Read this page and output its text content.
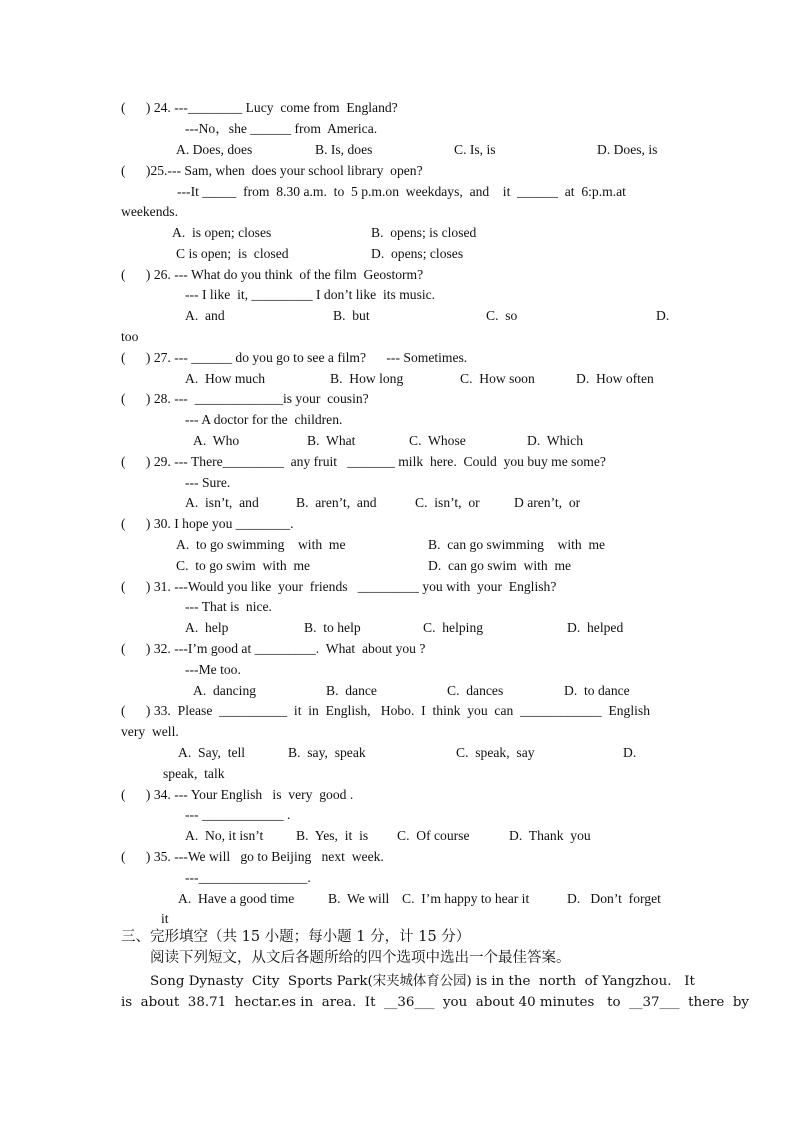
(      ) 24. ---________ Lucy  come from  England?
---No，she ______ from  America.
A. Does, does	B. Is, does	C. Is, is	D. Does, is
(      )25.--- Sam, when  does your school library  open?
---It _____  from  8.30 a.m.  to  5 p.m.on  weekdays,  and    it  ______  at  6:p.m.at
weekends.
A.  is open; closes	B.  opens; is closed
C is open;  is  closed	D.  opens; closes
(      ) 26. --- What do you think  of the film  Geostorm?
--- I like  it, _________ I don’t like  its music.
A.  and	B.  but	C.  so	D.
too
(      ) 27. --- ______ do you go to see a film?      --- Sometimes.
A.  How much	B.  How long	C.  How soon	D.  How often
(      ) 28. ---  _____________is your  cousin?
--- A doctor for the  children.
A.  Who	B.  What	C.  Whose	D.  Which
(      ) 29. --- There_________  any fruit   _______ milk  here.  Could  you buy me some?
--- Sure.
A.  isn’t,  and	B.  aren’t,  and	C.  isn’t,  or	D aren’t,  or
(      ) 30. I hope you ________.
A.  to go swimming    with  me	B.  can go swimming    with  me
C.  to go swim  with  me	D.  can go swim  with  me
(      ) 31. ---Would you like  your  friends   _________ you with  your  English?
--- That is  nice.
A.  help	B.  to help	C.  helping	D.  helped
(      ) 32. ---I’m good at _________.  What  about you ?
---Me too.
A.  dancing	B.  dance	C.  dances	D.  to dance
(      ) 33.  Please  __________  it  in  English,   Hobo.  I  think  you  can  ____________  English
very  well.
A.  Say,  tell	B.  say,  speak	C.  speak,  say	D.
speak,  talk
(      ) 34. --- Your English   is  very  good .
--- ____________ .
A.  No, it isn’t B.  Yes,  it  is C.  Of course	D.  Thank  you
(      ) 35. ---We will   go to Beijing   next  week.
---________________.
A.  Have a good time B.  We will C.  I’m happy to hear it	D.   Don’t  forget
it
三、完形填空（共 15 小题；每小题 1 分，计 15 分）
阅读下列短文，从文后各题所给的四个选项中选出一个最佳答案。
Song Dynasty  City  Sports Park(宋夹城体育公园) is in the  north  of Yangzhou.   It
is  about  38.71  hectar.es in  area.  It  __36___  you  about 40 minutes   to  __37___  there  by
